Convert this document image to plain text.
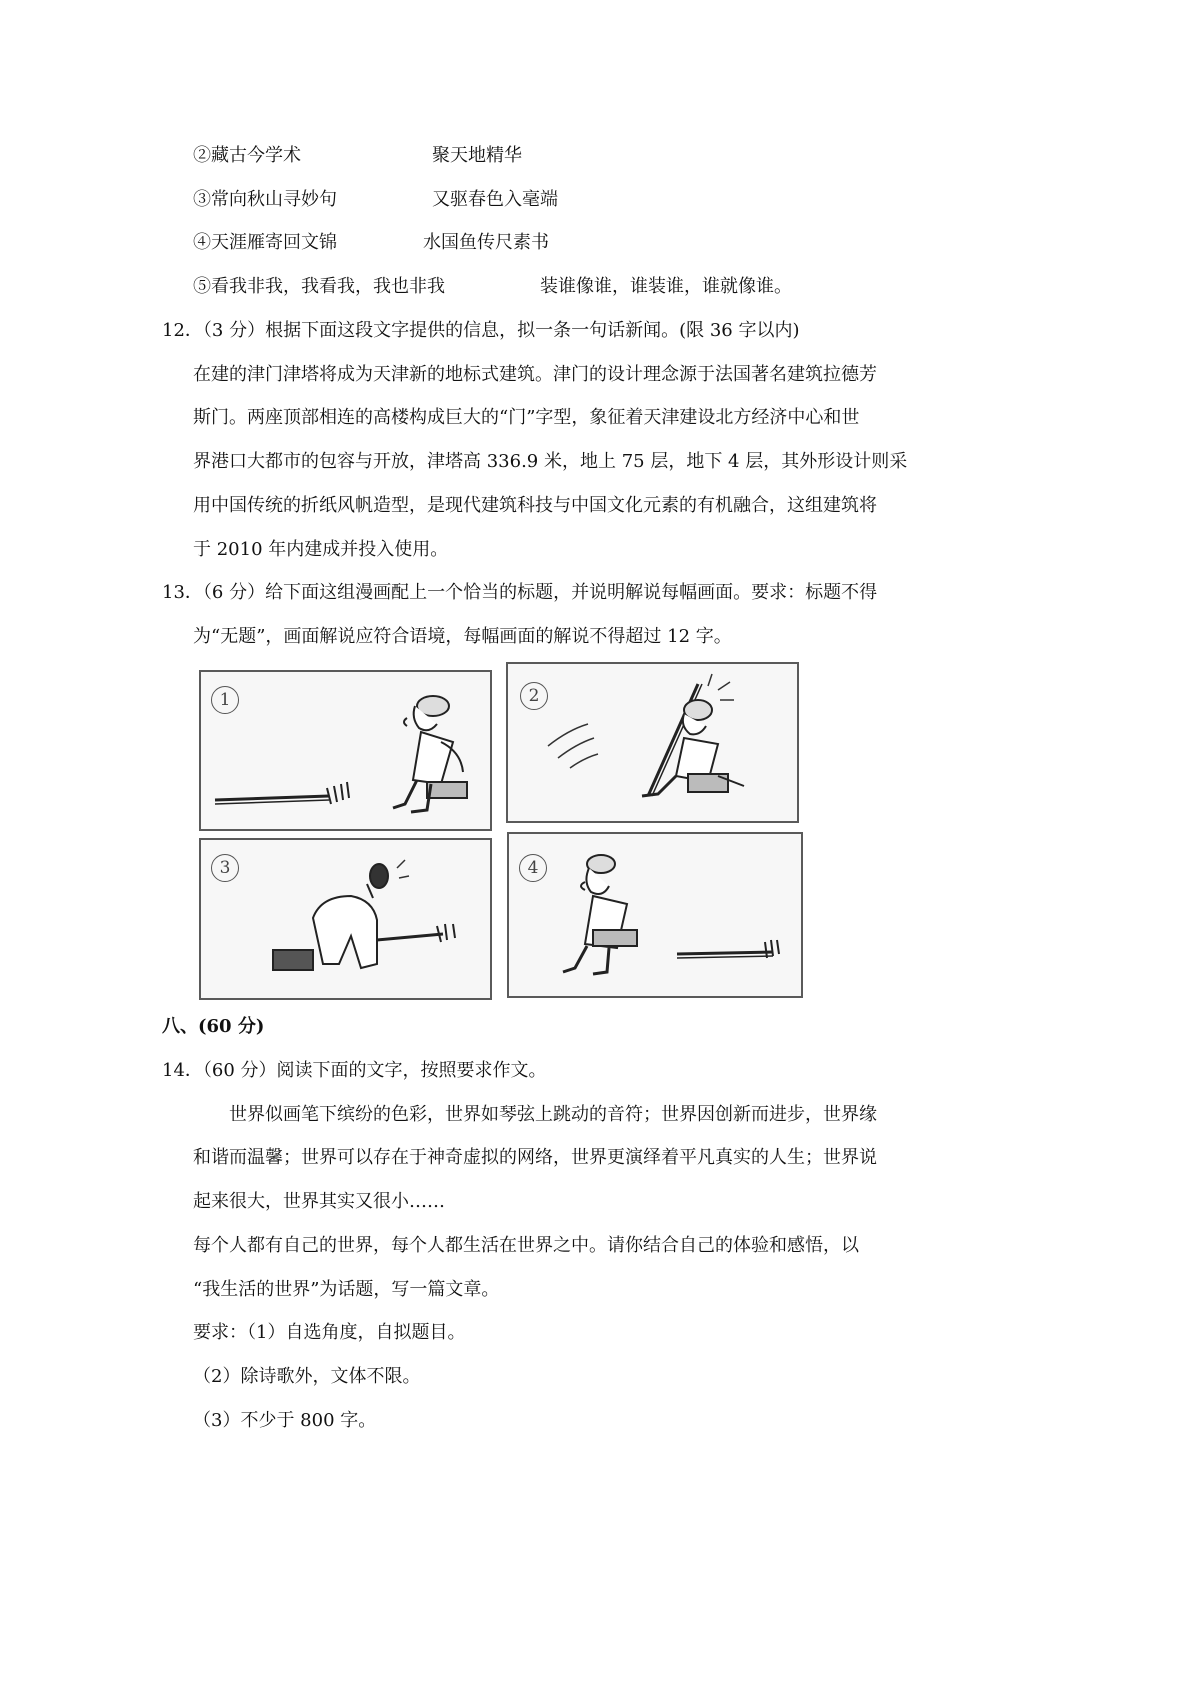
②藏古今学术	聚天地精华
③常向秋山寻妙句	又驱春色入毫端
④天涯雁寄回文锦	水国鱼传尺素书
⑤看我非我，我看我，我也非我	装谁像谁，谁装谁，谁就像谁。
12．（3 分）根据下面这段文字提供的信息，拟一条一句话新闻。(限 36 字以内)
在建的津门津塔将成为天津新的地标式建筑。津门的设计理念源于法国著名建筑拉德芳
斯门。两座顶部相连的高楼构成巨大的“门”字型，象征着天津建设北方经济中心和世
界港口大都市的包容与开放，津塔高 336.9 米，地上 75 层，地下 4 层，其外形设计则采
用中国传统的折纸风帆造型，是现代建筑科技与中国文化元素的有机融合，这组建筑将
于 2010 年内建成并投入使用。
13．（6 分）给下面这组漫画配上一个恰当的标题，并说明解说每幅画面。要求：标题不得
为“无题”，画面解说应符合语境，每幅画面的解说不得超过 12 字。
1	2
3	4
八、(60 分)
14．（60 分）阅读下面的文字，按照要求作文。
世界似画笔下缤纷的色彩，世界如琴弦上跳动的音符；世界因创新而进步，世界缘
和谐而温馨；世界可以存在于神奇虚拟的网络，世界更演绎着平凡真实的人生；世界说
起来很大，世界其实又很小……
每个人都有自己的世界，每个人都生活在世界之中。请你结合自己的体验和感悟，以
“我生活的世界”为话题，写一篇文章。
要求：（1）自选角度，自拟题目。
（2）除诗歌外，文体不限。
（3）不少于 800 字。
